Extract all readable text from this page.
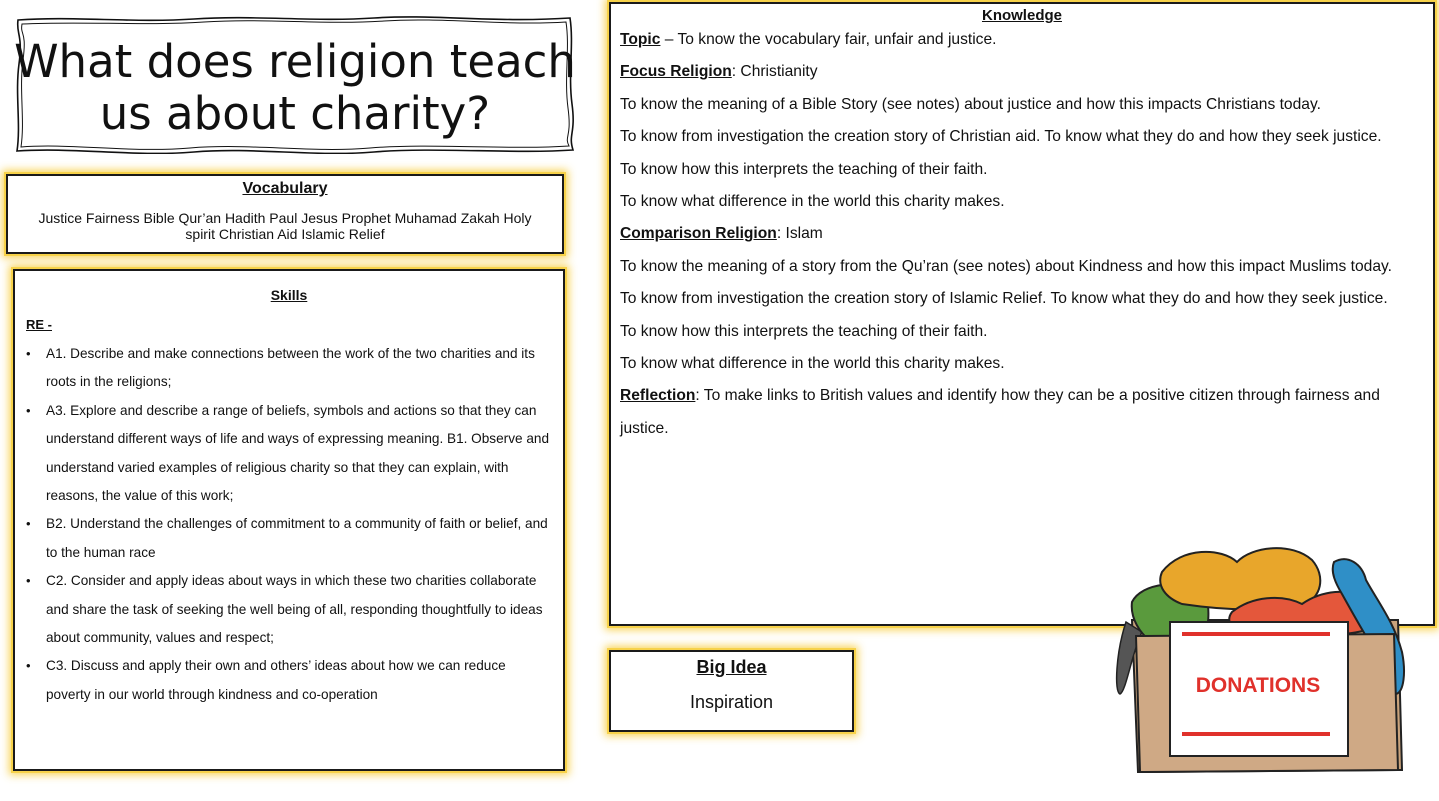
What does religion teach us about charity?
Vocabulary

Justice Fairness Bible Qur’an Hadith Paul Jesus Prophet Muhamad Zakah Holy spirit Christian Aid Islamic Relief

Skills
RE -
• A1. Describe and make connections between the work of the two charities and its roots in the religions;
• A3. Explore and describe a range of beliefs, symbols and actions so that they can understand different ways of life and ways of expressing meaning. B1. Observe and understand varied examples of religious charity so that they can explain, with reasons, the value of this work;
• B2. Understand the challenges of commitment to a community of faith or belief, and to the human race
• C2. Consider and apply ideas about ways in which these two charities collaborate and share the task of seeking the well being of all, responding thoughtfully to ideas about community, values and respect;
• C3. Discuss and apply their own and others’ ideas about how we can reduce poverty in our world through kindness and co-operation
Knowledge
Topic – To know the vocabulary fair, unfair and justice.
Focus Religion: Christianity
To know the meaning of a Bible Story (see notes) about justice and how this impacts Christians today.
To know from investigation the creation story of Christian aid. To know what they do and how they seek justice.
To know how this interprets the teaching of their faith.
To know what difference in the world this charity makes.
Comparison Religion: Islam
To know the meaning of a story from the Qu’ran (see notes) about Kindness and how this impact Muslims today.
To know from investigation the creation story of Islamic Relief. To know what they do and how they seek justice.
To know how this interprets the teaching of their faith.
To know what difference in the world this charity makes.
Reflection: To make links to British values and identify how they can be a positive citizen through fairness and justice.
Big Idea

Inspiration

DONATIONS
